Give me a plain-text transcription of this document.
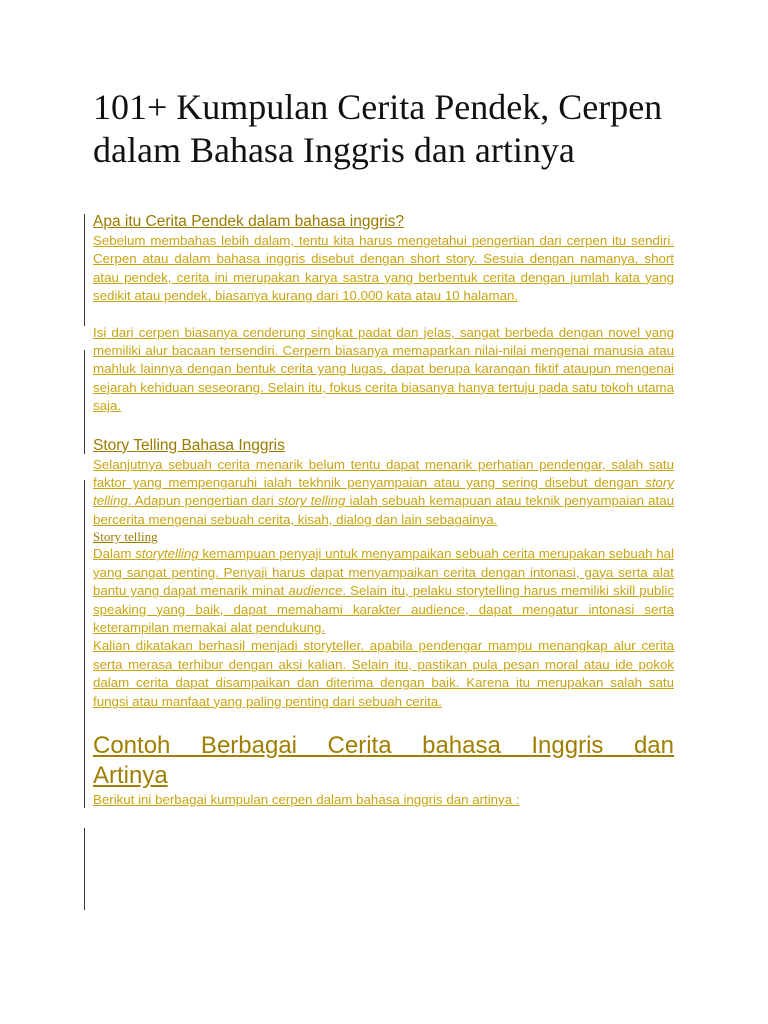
101+ Kumpulan Cerita Pendek, Cerpen dalam Bahasa Inggris dan artinya
Apa itu Cerita Pendek dalam bahasa inggris?

Sebelum membahas lebih dalam, tentu kita harus mengetahui pengertian dari cerpen itu sendiri. Cerpen atau dalam bahasa inggris disebut dengan short story. Sesuia dengan namanya, short atau pendek, cerita ini merupakan karya sastra yang berbentuk cerita dengan jumlah kata yang sedikit atau pendek, biasanya kurang dari 10.000 kata atau 10 halaman.

Isi dari cerpen biasanya cenderung singkat padat dan jelas, sangat berbeda dengan novel yang memiliki alur bacaan tersendiri. Cerpern biasanya memaparkan nilai-nilai mengenai manusia atau mahluk lainnya dengan bentuk cerita yang lugas, dapat berupa karangan fiktif ataupun mengenai sejarah kehiduan seseorang. Selain itu, fokus cerita biasanya hanya tertuju pada satu tokoh utama saja.

Story Telling Bahasa Inggris

Selanjutnya sebuah cerita menarik belum tentu dapat menarik perhatian pendengar, salah satu faktor yang mempengaruhi ialah tekhnik penyampaian atau yang sering disebut dengan story telling. Adapun pengertian dari story telling ialah sebuah kemapuan atau teknik penyampaian atau bercerita mengenai sebuah cerita, kisah, dialog dan lain sebagainya.

Story telling

Dalam storytelling kemampuan penyaji untuk menyampaikan sebuah cerita merupakan sebuah hal yang sangat penting. Penyaji harus dapat menyampaikan cerita dengan intonasi, gaya serta alat bantu yang dapat menarik minat audience. Selain itu, pelaku storytelling harus memiliki skill public speaking yang baik, dapat memahami karakter audience, dapat mengatur intonasi serta keterampilan memakai alat pendukung.

Kalian dikatakan berhasil menjadi storyteller, apabila pendengar mampu menangkap alur cerita serta merasa terhibur dengan aksi kalian. Selain itu, pastikan pula pesan moral atau ide pokok dalam cerita dapat disampaikan dan diterima dengan baik. Karena itu merupakan salah satu fungsi atau manfaat yang paling penting dari sebuah cerita.

Contoh Berbagai Cerita bahasa Inggris dan

Artinya

Berikut ini berbagai kumpulan cerpen dalam bahasa inggris dan artinya :
